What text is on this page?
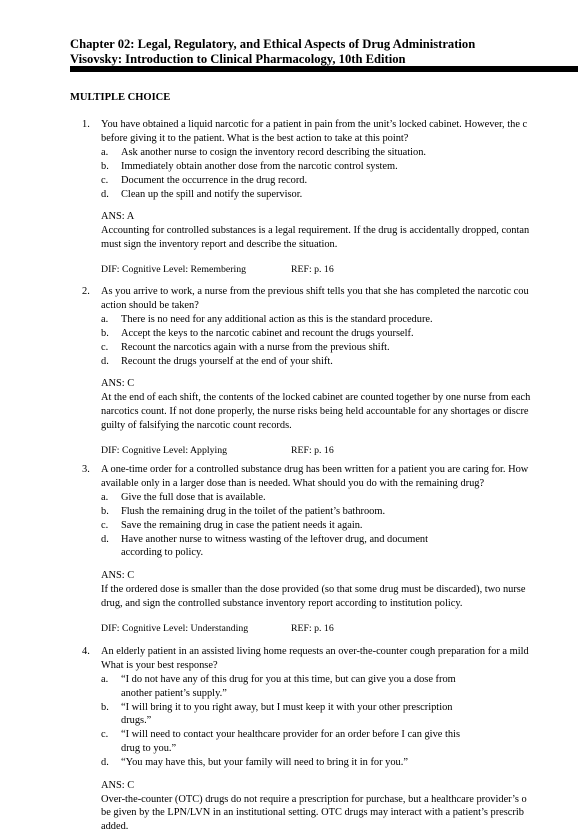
Chapter 02: Legal, Regulatory, and Ethical Aspects of Drug Administration
Visovsky: Introduction to Clinical Pharmacology, 10th Edition
MULTIPLE CHOICE
1. You have obtained a liquid narcotic for a patient in pain from the unit’s locked cabinet. However, the c
before giving it to the patient. What is the best action to take at this point?
a. Ask another nurse to cosign the inventory record describing the situation.
b. Immediately obtain another dose from the narcotic control system.
c. Document the occurrence in the drug record.
d. Clean up the spill and notify the supervisor.
ANS: A
Accounting for controlled substances is a legal requirement. If the drug is accidentally dropped, contan
must sign the inventory report and describe the situation.
DIF: Cognitive Level: Remembering	REF: p. 16
2. As you arrive to work, a nurse from the previous shift tells you that she has completed the narcotic cou
action should be taken?
a. There is no need for any additional action as this is the standard procedure.
b. Accept the keys to the narcotic cabinet and recount the drugs yourself.
c. Recount the narcotics again with a nurse from the previous shift.
d. Recount the drugs yourself at the end of your shift.
ANS: C
At the end of each shift, the contents of the locked cabinet are counted together by one nurse from each
narcotics count. If not done properly, the nurse risks being held accountable for any shortages or discre
guilty of falsifying the narcotic count records.
DIF: Cognitive Level: Applying	REF: p. 16
3. A one-time order for a controlled substance drug has been written for a patient you are caring for. How
available only in a larger dose than is needed. What should you do with the remaining drug?
a. Give the full dose that is available.
b. Flush the remaining drug in the toilet of the patient’s bathroom.
c. Save the remaining drug in case the patient needs it again.
d. Have another nurse to witness wasting of the leftover drug, and document
according to policy.
ANS: C
If the ordered dose is smaller than the dose provided (so that some drug must be discarded), two nurse
drug, and sign the controlled substance inventory report according to institution policy.
DIF: Cognitive Level: Understanding	REF: p. 16
4. An elderly patient in an assisted living home requests an over-the-counter cough preparation for a mild
What is your best response?
a. “I do not have any of this drug for you at this time, but can give you a dose from
another patient’s supply.”
b. “I will bring it to you right away, but I must keep it with your other prescription
drugs.”
c. “I will need to contact your healthcare provider for an order before I can give this
drug to you.”
d. “You may have this, but your family will need to bring it in for you.”
ANS: C
Over-the-counter (OTC) drugs do not require a prescription for purchase, but a healthcare provider’s o
be given by the LPN/LVN in an institutional setting. OTC drugs may interact with a patient’s prescrib
added.
